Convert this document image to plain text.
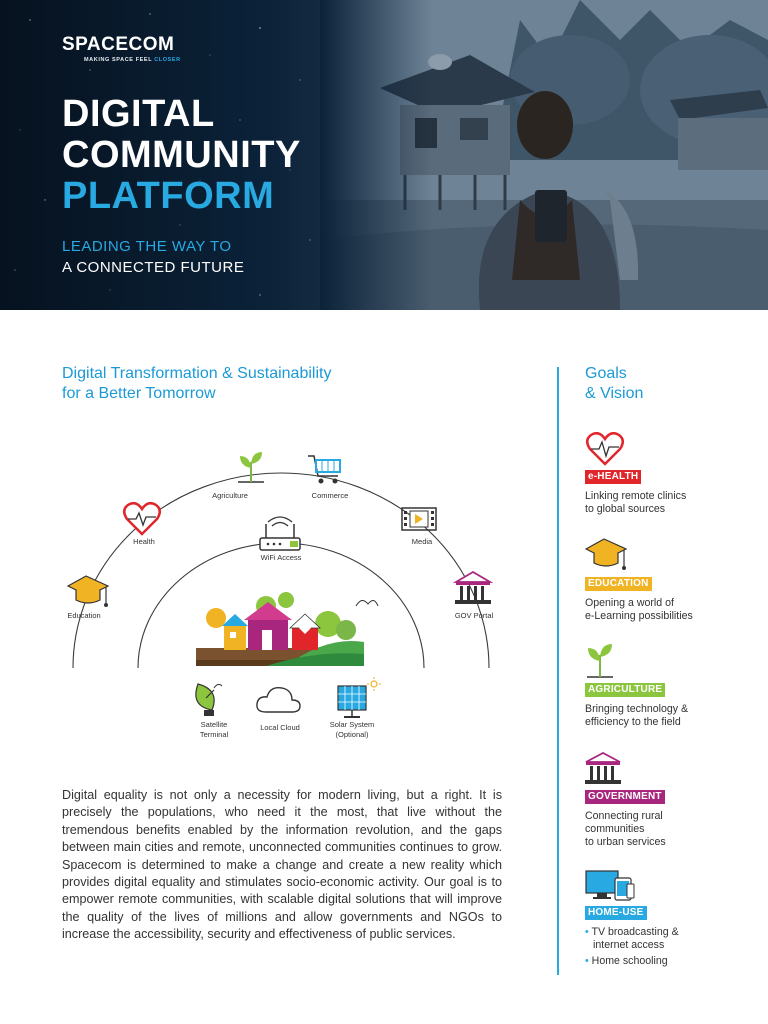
SPACECOM
MAKING SPACE FEEL CLOSER
DIGITAL
COMMUNITY
PLATFORM
LEADING THE WAY TO
A CONNECTED FUTURE
Digital Transformation & Sustainability
for a Better Tomorrow
Agriculture	Commerce
Health	Media
WiFi Access
Education	GOV Portal
Satellite
Terminal
Local Cloud	Solar System
(Optional)

Digital equality is not only a necessity for modern living, but a right. It is precisely the populations, who need it the most, that live without the tremendous benefits enabled by the information revolution, and the gaps between main cities and remote, unconnected communities continues to grow. Spacecom is determined to make a change and create a new reality which provides digital equality and stimulates socio-economic activity. Our goal is to empower remote communities, with scalable digital solutions that will improve the quality of the lives of millions and allow governments and NGOs to increase the accessibility, security and effectiveness of public services.

Goals
& Vision
e-HEALTH
Linking remote clinics
to global sources
EDUCATION
Opening a world of
e-Learning possibilities
AGRICULTURE
Bringing technology &
efficiency to the field
GOVERNMENT
Connecting rural
communities
to urban services
HOME-USE
• TV broadcasting &
internet access
• Home schooling
